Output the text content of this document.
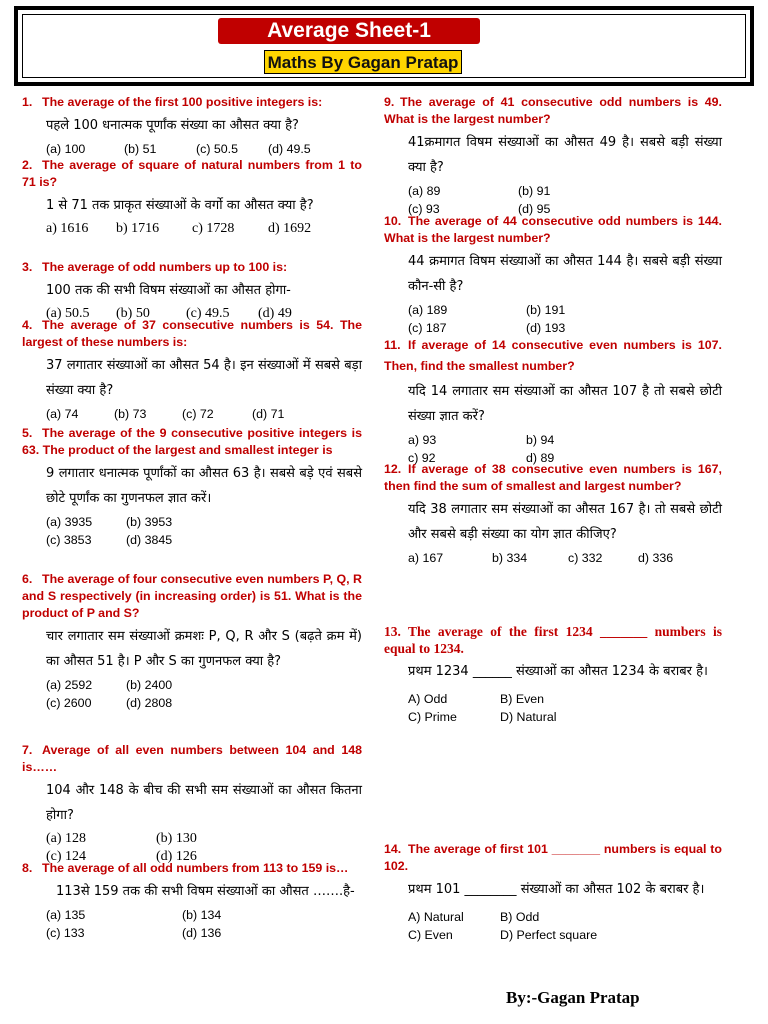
Average Sheet-1
Maths By Gagan Pratap
1. The average of the first 100 positive integers is:
पहले 100 धनात्मक पूर्णांक संख्या का औसत क्या है?
(a) 100	(b) 51	(c) 50.5	(d) 49.5
2. The average of square of natural numbers from 1 to 71 is?
1 से 71 तक प्राकृत संख्याओं के वर्गो का औसत क्या है?
a) 1616	b) 1716	c) 1728	d) 1692
3. The average of odd numbers up to 100 is:
100 तक की सभी विषम संख्याओं का औसत होगा-
(a) 50.5	(b) 50	(c) 49.5	(d) 49
4. The average of 37 consecutive numbers is 54. The largest of these numbers is:
37 लगातार संख्याओं का औसत 54 है। इन संख्याओं में सबसे बड़ा संख्या क्या है?
(a) 74	(b) 73	(c) 72	(d) 71
5. The average of the 9 consecutive positive integers is 63. The product of the largest and smallest integer is
9 लगातार धनात्मक पूर्णांकों का औसत 63 है। सबसे बड़े एवं सबसे छोटे पूर्णांक का गुणनफल ज्ञात करें।
(a) 3935	(b) 3953
(c) 3853	(d) 3845
6. The average of four consecutive even numbers P, Q, R and S respectively (in increasing order) is 51. What is the product of P and S?
चार लगातार सम संख्याओं क्रमशः P, Q, R और S (बढ़ते क्रम में) का औसत 51 है। P और S का गुणनफल क्या है?
(a) 2592	(b) 2400
(c) 2600	(d) 2808
7. Average of all even numbers between 104 and 148 is……
104 और 148 के बीच की सभी सम संख्याओं का औसत कितना होगा?
(a) 128	(b) 130
(c) 124	(d) 126
8. The average of all odd numbers from 113 to 159 is…
113से 159 तक की सभी विषम संख्याओं का औसत …….है-
(a) 135	(b) 134
(c) 133	(d) 136
9. The average of 41 consecutive odd numbers is 49. What is the largest number?
41क्रमागत विषम संख्याओं का औसत 49 है। सबसे बड़ी संख्या क्या है?
(a) 89	(b) 91
(c) 93	(d) 95
10. The average of 44 consecutive odd numbers is 144. What is the largest number?
44 क्रमागत विषम संख्याओं का औसत 144 है। सबसे बड़ी संख्या कौन-सी है?
(a) 189	(b) 191
(c) 187	(d) 193
11. If average of 14 consecutive even numbers is 107. Then, find the smallest number?
यदि 14 लगातार सम संख्याओं का औसत 107 है तो सबसे छोटी संख्या ज्ञात करें?
a) 93	b) 94
c) 92	d) 89
12. If average of 38 consecutive even numbers is 167, then find the sum of smallest and largest number?
यदि 38 लगातार सम संख्याओं का औसत 167 है। तो सबसे छोटी और सबसे बड़ी संख्या का योग ज्ञात कीजिए?
a) 167	b) 334	c) 332	d) 336
13. The average of the first 1234 _______ numbers is equal to 1234.
प्रथम 1234 ______ संख्याओं का औसत 1234 के बराबर है।
A) Odd	B) Even
C) Prime	D) Natural
14. The average of first 101 _______ numbers is equal to 102.
प्रथम 101 ________ संख्याओं का औसत 102 के बराबर है।
A) Natural	B) Odd
C) Even	D) Perfect square
By:-Gagan Pratap
